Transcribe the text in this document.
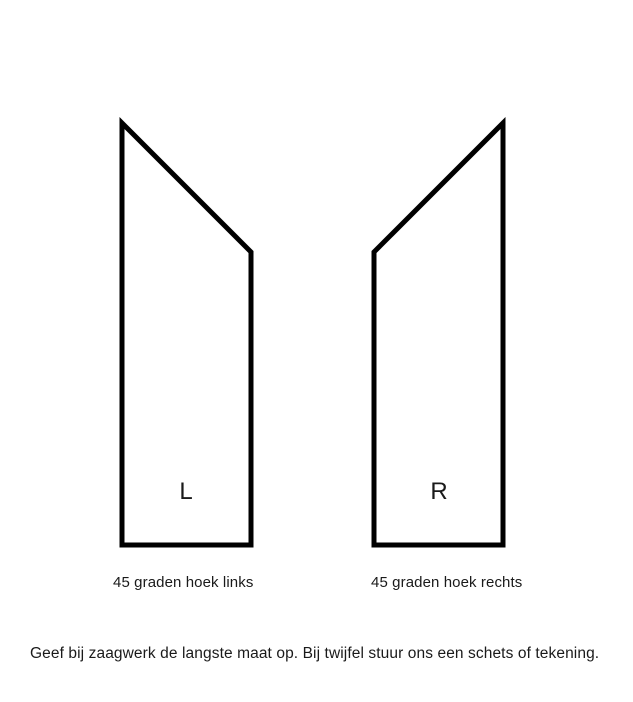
L	R
45 graden hoek links	45 graden hoek rechts
Geef bij zaagwerk de langste maat op. Bij twijfel stuur ons een schets of tekening.
